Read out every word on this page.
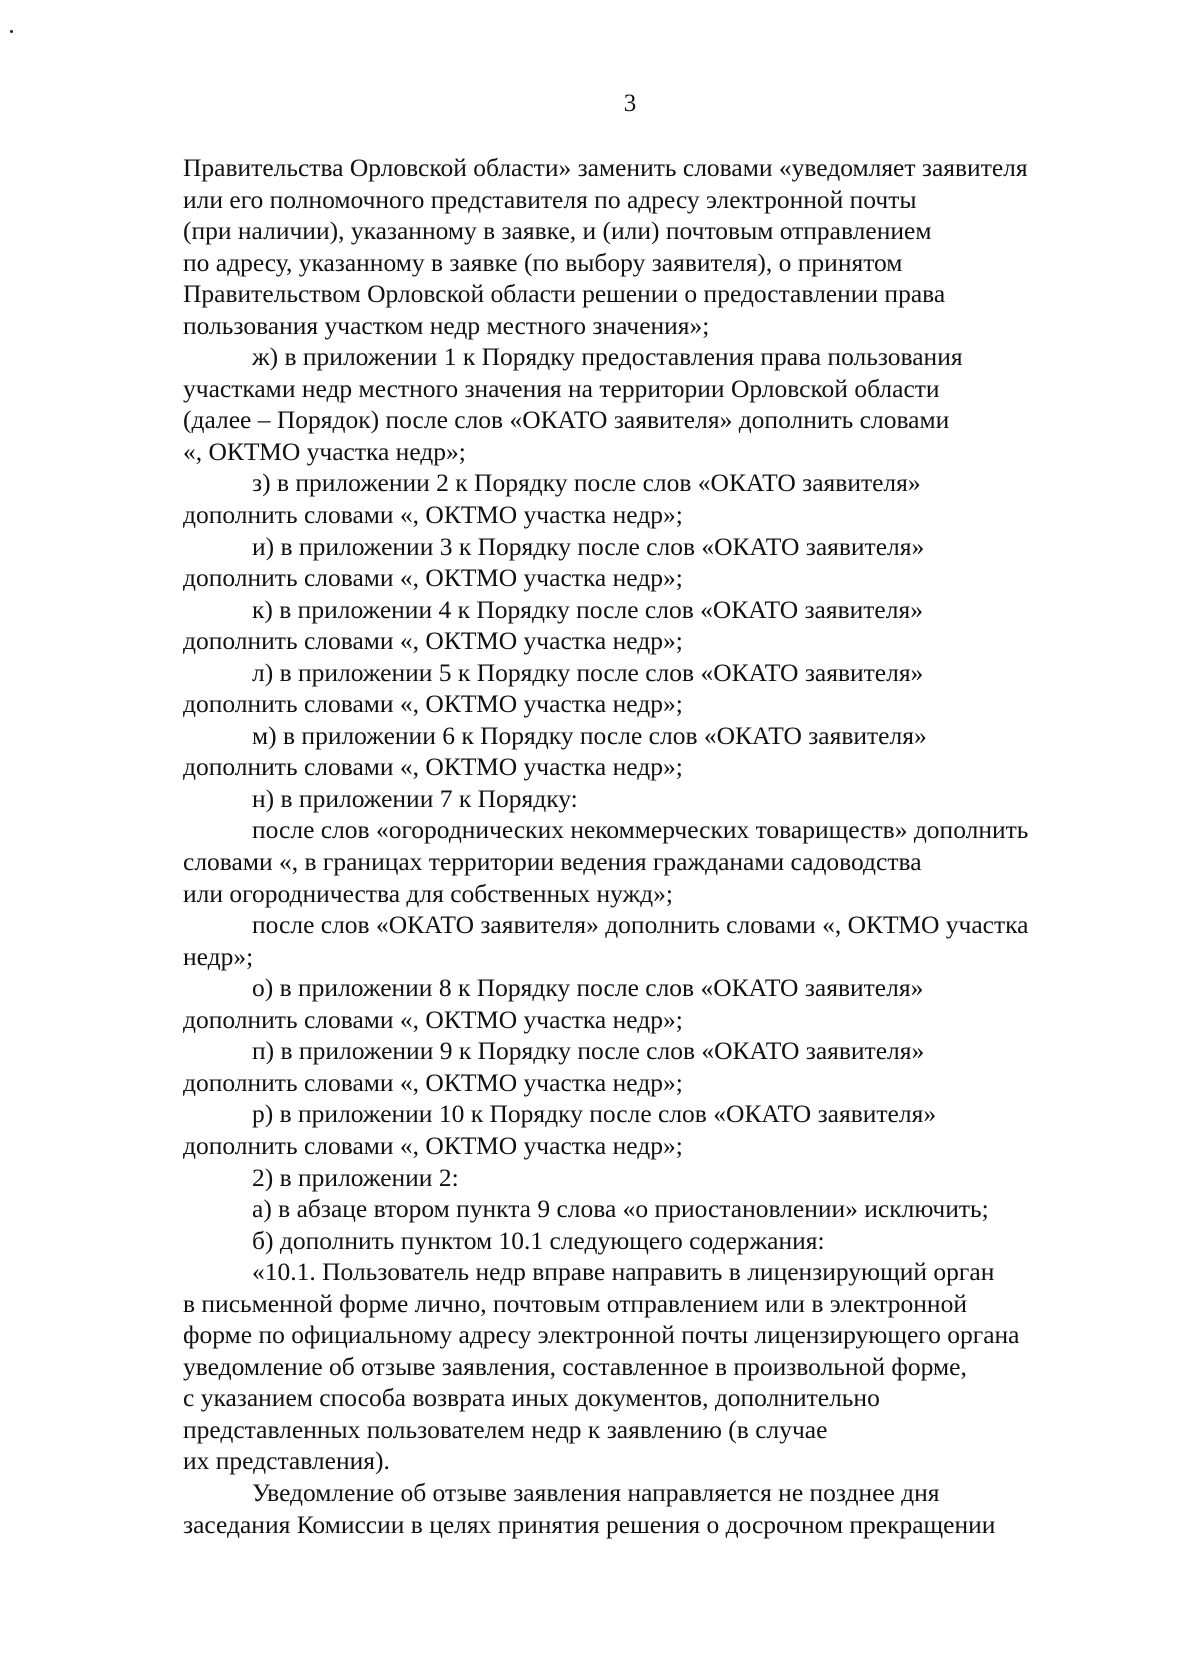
3

Правительства Орловской области» заменить словами «уведомляет заявителя
или его полномочного представителя по адресу электронной почты
(при наличии), указанному в заявке, и (или) почтовым отправлением
по адресу, указанному в заявке (по выбору заявителя), о принятом
Правительством Орловской области решении о предоставлении права
пользования участком недр местного значения»;

ж) в приложении 1 к Порядку предоставления права пользования
участками недр местного значения на территории Орловской области
(далее – Порядок) после слов «ОКАТО заявителя» дополнить словами
«, ОКТМО участка недр»;

з) в приложении 2 к Порядку после слов «ОКАТО заявителя»
дополнить словами «, ОКТМО участка недр»;

и) в приложении 3 к Порядку после слов «ОКАТО заявителя»
дополнить словами «, ОКТМО участка недр»;

к) в приложении 4 к Порядку после слов «ОКАТО заявителя»
дополнить словами «, ОКТМО участка недр»;

л) в приложении 5 к Порядку после слов «ОКАТО заявителя»
дополнить словами «, ОКТМО участка недр»;

м) в приложении 6 к Порядку после слов «ОКАТО заявителя»
дополнить словами «, ОКТМО участка недр»;

н) в приложении 7 к Порядку:

после слов «огороднических некоммерческих товариществ» дополнить
словами «, в границах территории ведения гражданами садоводства
или огородничества для собственных нужд»;

после слов «ОКАТО заявителя» дополнить словами «, ОКТМО участка
недр»;

о) в приложении 8 к Порядку после слов «ОКАТО заявителя»
дополнить словами «, ОКТМО участка недр»;

п) в приложении 9 к Порядку после слов «ОКАТО заявителя»
дополнить словами «, ОКТМО участка недр»;

р) в приложении 10 к Порядку после слов «ОКАТО заявителя»
дополнить словами «, ОКТМО участка недр»;

2) в приложении 2:

а) в абзаце втором пункта 9 слова «о приостановлении» исключить;

б) дополнить пунктом 10.1 следующего содержания:

«10.1. Пользователь недр вправе направить в лицензирующий орган
в письменной форме лично, почтовым отправлением или в электронной
форме по официальному адресу электронной почты лицензирующего органа
уведомление об отзыве заявления, составленное в произвольной форме,
с указанием способа возврата иных документов, дополнительно
представленных пользователем недр к заявлению (в случае
их представления).

Уведомление об отзыве заявления направляется не позднее дня
заседания Комиссии в целях принятия решения о досрочном прекращении
